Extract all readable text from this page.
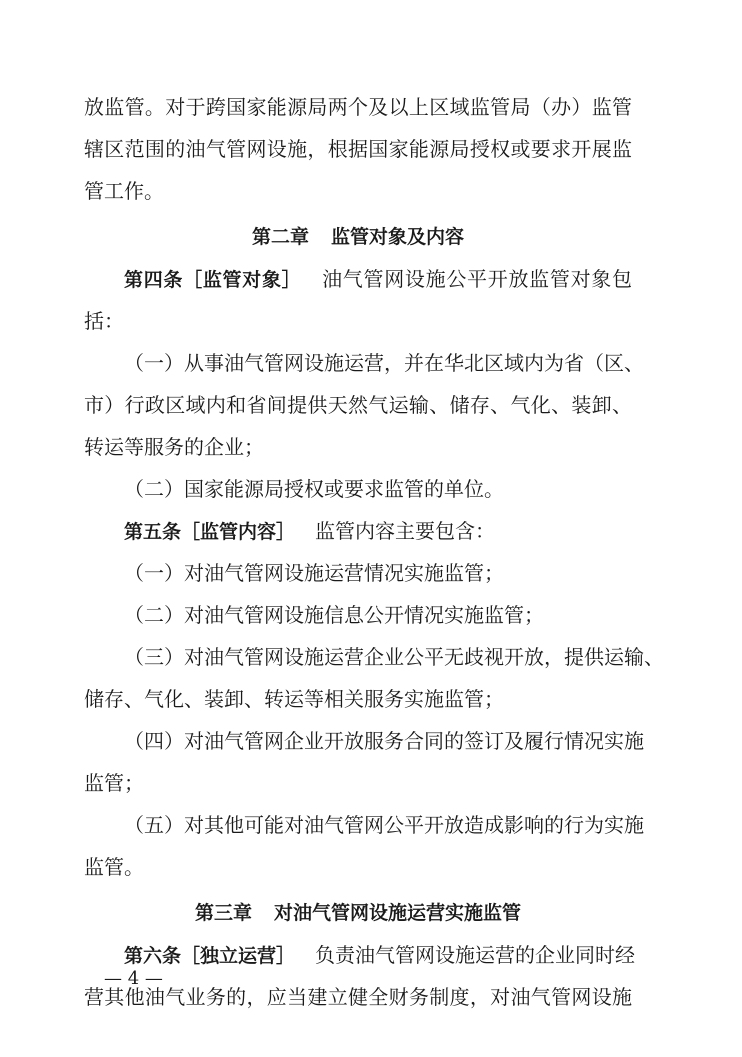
放监管。对于跨国家能源局两个及以上区域监管局（办）监管
辖区范围的油气管网设施，根据国家能源局授权或要求开展监
管工作。
第二章 监管对象及内容
第四条［监管对象］ 油气管网设施公平开放监管对象包
括：
（一）从事油气管网设施运营，并在华北区域内为省（区、
市）行政区域内和省间提供天然气运输、储存、气化、装卸、
转运等服务的企业；
（二）国家能源局授权或要求监管的单位。
第五条［监管内容］ 监管内容主要包含：
（一）对油气管网设施运营情况实施监管；
（二）对油气管网设施信息公开情况实施监管；
（三）对油气管网设施运营企业公平无歧视开放，提供运输、
储存、气化、装卸、转运等相关服务实施监管；
（四）对油气管网企业开放服务合同的签订及履行情况实施
监管；
（五）对其他可能对油气管网公平开放造成影响的行为实施
监管。
第三章 对油气管网设施运营实施监管
第六条［独立运营］ 负责油气管网设施运营的企业同时经
营其他油气业务的，应当建立健全财务制度，对油气管网设施
— 4 —
